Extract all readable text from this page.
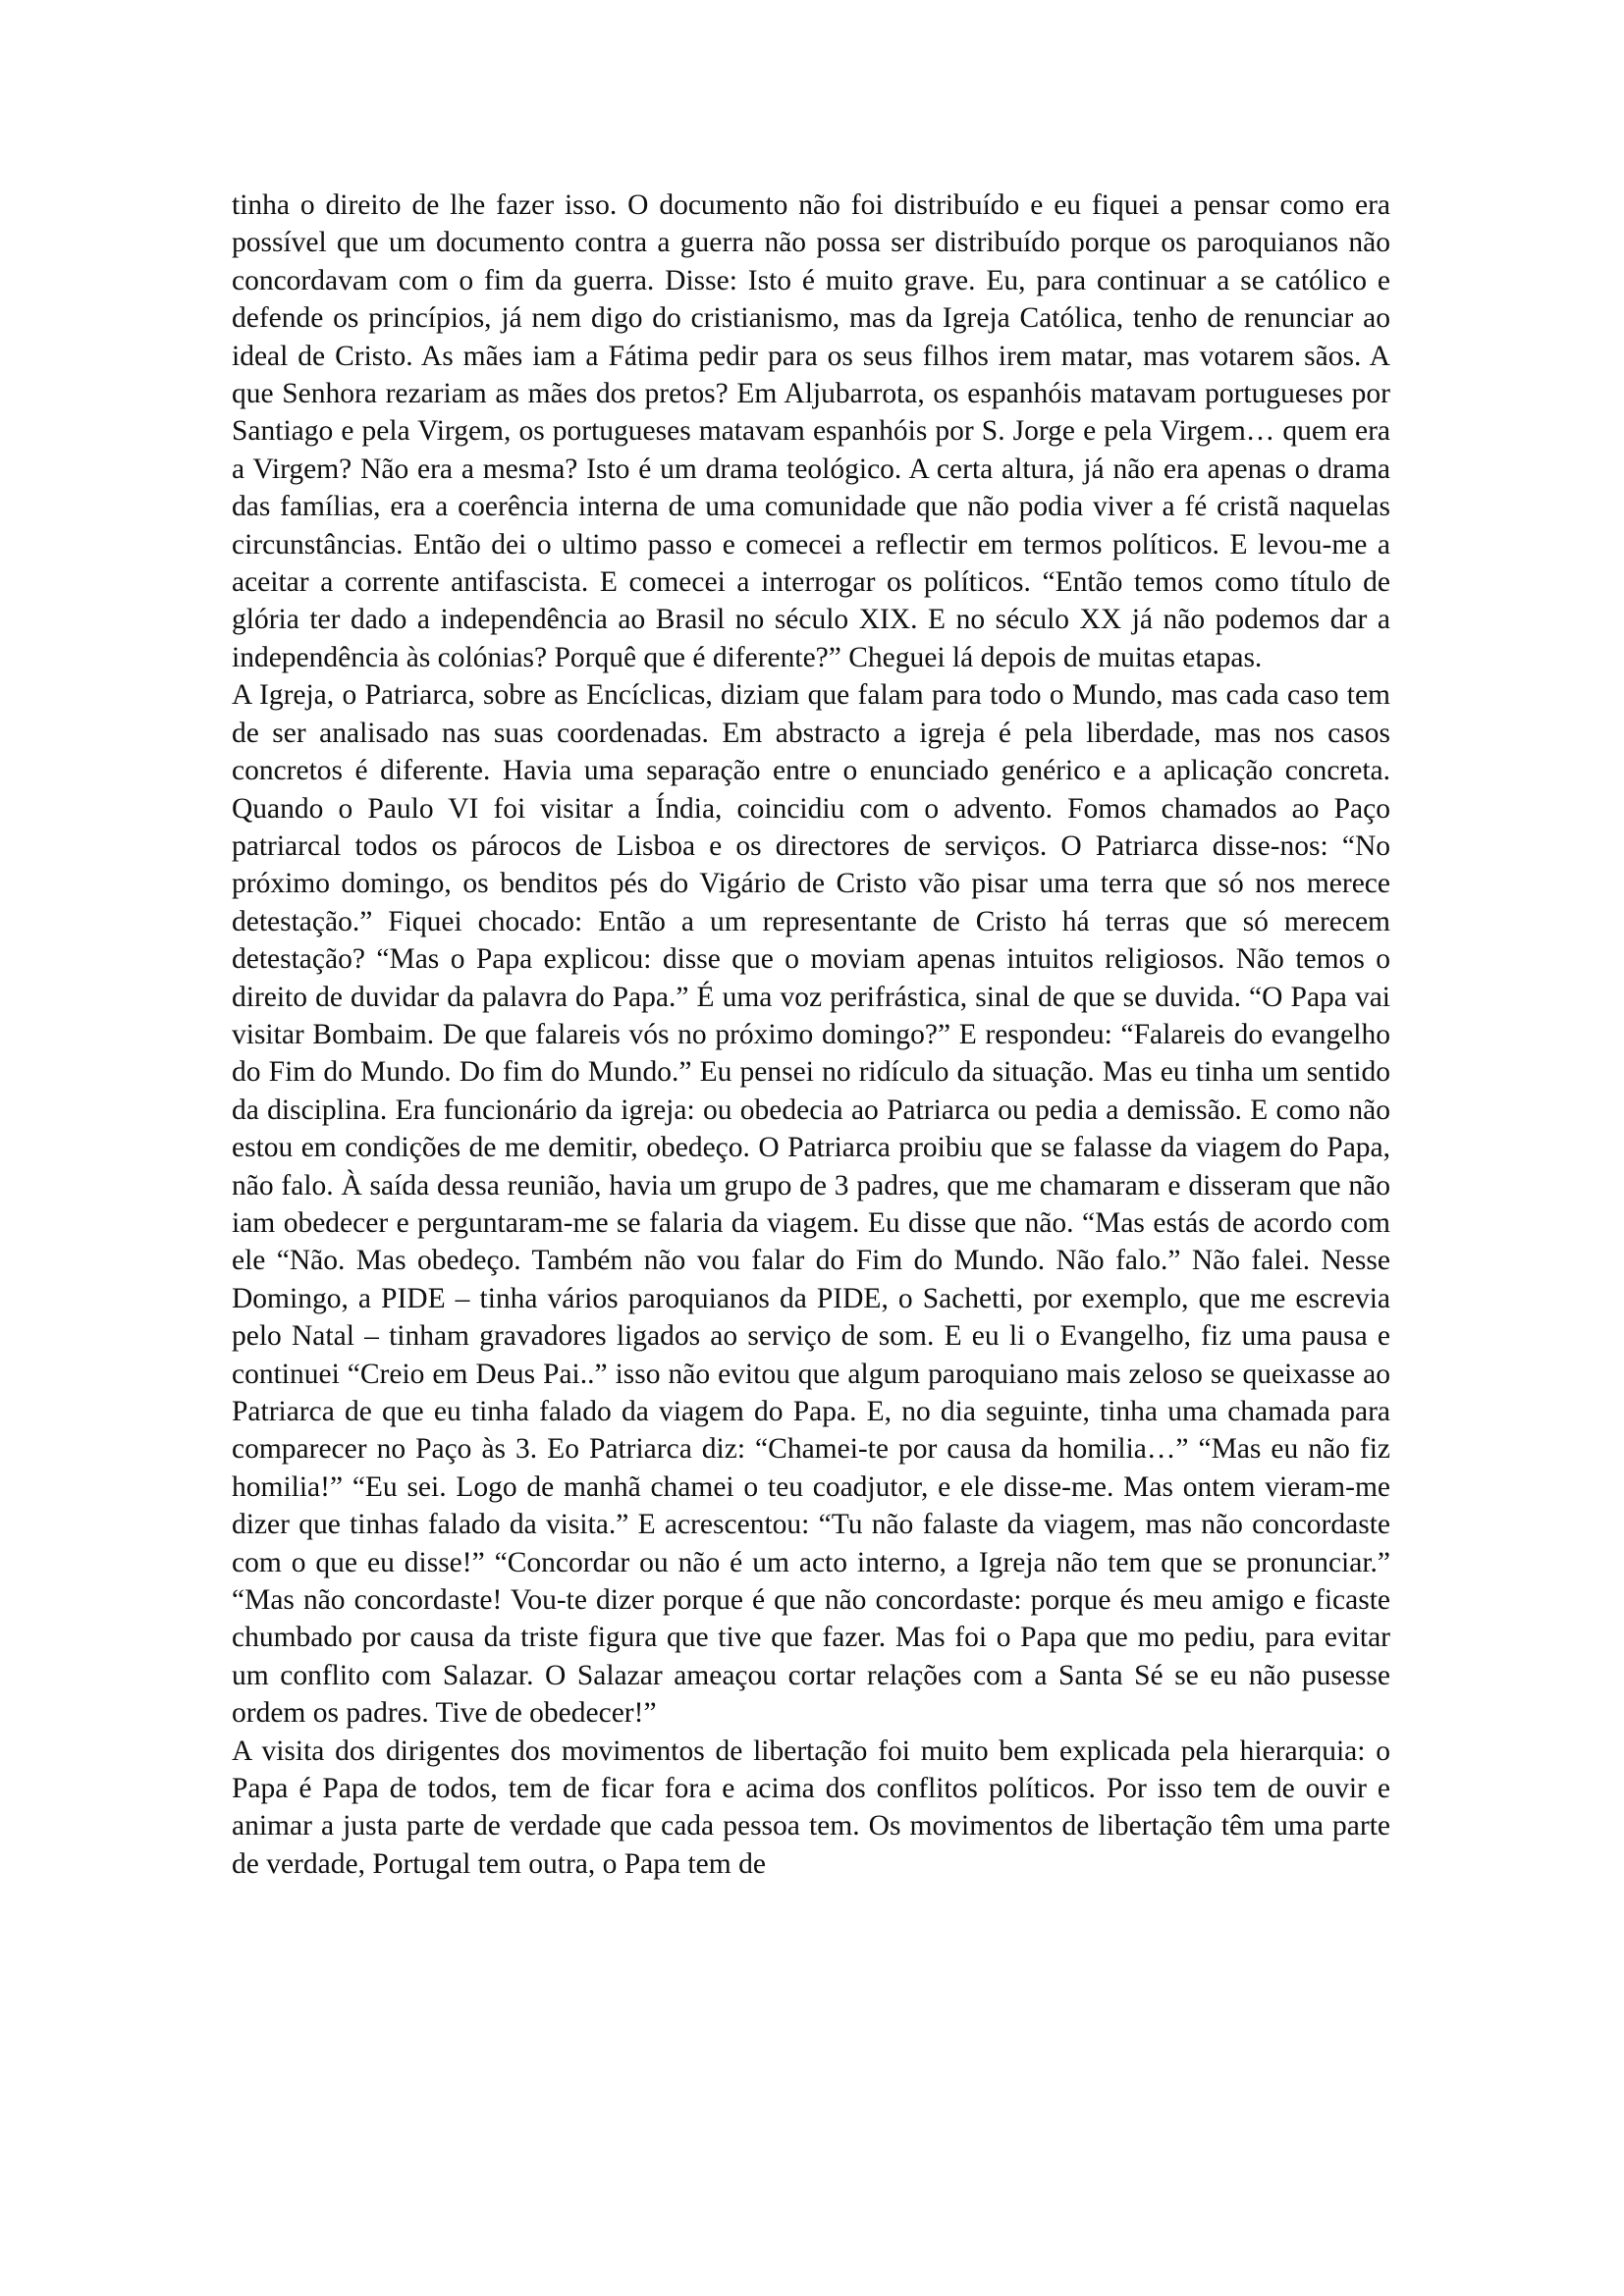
tinha o direito de lhe fazer isso. O documento não foi distribuído e eu fiquei a pensar como era possível que um documento contra a guerra não possa ser distribuído porque os paroquianos não concordavam com o fim da guerra. Disse: Isto é muito grave. Eu, para continuar a se católico e defende os princípios, já nem digo do cristianismo, mas da Igreja Católica, tenho de renunciar ao ideal de Cristo. As mães iam a Fátima pedir para os seus filhos irem matar, mas votarem sãos. A que Senhora rezariam as mães dos pretos? Em Aljubarrota, os espanhóis matavam portugueses por Santiago e pela Virgem, os portugueses matavam espanhóis por S. Jorge e pela Virgem… quem era a Virgem? Não era a mesma? Isto é um drama teológico. A certa altura, já não era apenas o drama das famílias, era a coerência interna de uma comunidade que não podia viver a fé cristã naquelas circunstâncias. Então dei o ultimo passo e comecei a reflectir em termos políticos. E levou-me a aceitar a corrente antifascista. E comecei a interrogar os políticos. “Então temos como título de glória ter dado a independência ao Brasil no século XIX. E no século XX já não podemos dar a independência às colónias? Porquê que é diferente?” Cheguei lá depois de muitas etapas.

A Igreja, o Patriarca, sobre as Encíclicas, diziam que falam para todo o Mundo, mas cada caso tem de ser analisado nas suas coordenadas. Em abstracto a igreja é pela liberdade, mas nos casos concretos é diferente. Havia uma separação entre o enunciado genérico e a aplicação concreta. Quando o Paulo VI foi visitar a Índia, coincidiu com o advento. Fomos chamados ao Paço patriarcal todos os párocos de Lisboa e os directores de serviços. O Patriarca disse-nos: “No próximo domingo, os benditos pés do Vigário de Cristo vão pisar uma terra que só nos merece detestação.” Fiquei chocado: Então a um representante de Cristo há terras que só merecem detestação? “Mas o Papa explicou: disse que o moviam apenas intuitos religiosos. Não temos o direito de duvidar da palavra do Papa.” É uma voz perifrástica, sinal de que se duvida. “O Papa vai visitar Bombaim. De que falareis vós no próximo domingo?” E respondeu: “Falareis do evangelho do Fim do Mundo. Do fim do Mundo.” Eu pensei no ridículo da situação. Mas eu tinha um sentido da disciplina. Era funcionário da igreja: ou obedecia ao Patriarca ou pedia a demissão. E como não estou em condições de me demitir, obedeço. O Patriarca proibiu que se falasse da viagem do Papa, não falo. À saída dessa reunião, havia um grupo de 3 padres, que me chamaram e disseram que não iam obedecer e perguntaram-me se falaria da viagem. Eu disse que não. “Mas estás de acordo com ele “Não. Mas obedeço. Também não vou falar do Fim do Mundo. Não falo.” Não falei. Nesse Domingo, a PIDE – tinha vários paroquianos da PIDE, o Sachetti, por exemplo, que me escrevia pelo Natal – tinham gravadores ligados ao serviço de som. E eu li o Evangelho, fiz uma pausa e continuei “Creio em Deus Pai..” isso não evitou que algum paroquiano mais zeloso se queixasse ao Patriarca de que eu tinha falado da viagem do Papa. E, no dia seguinte, tinha uma chamada para comparecer no Paço às 3. Eo Patriarca diz: “Chamei-te por causa da homilia…” “Mas eu não fiz homilia!” “Eu sei. Logo de manhã chamei o teu coadjutor, e ele disse-me. Mas ontem vieram-me dizer que tinhas falado da visita.” E acrescentou: “Tu não falaste da viagem, mas não concordaste com o que eu disse!” “Concordar ou não é um acto interno, a Igreja não tem que se pronunciar.” “Mas não concordaste! Vou-te dizer porque é que não concordaste: porque és meu amigo e ficaste chumbado por causa da triste figura que tive que fazer. Mas foi o Papa que mo pediu, para evitar um conflito com Salazar. O Salazar ameaçou cortar relações com a Santa Sé se eu não pusesse ordem os padres. Tive de obedecer!”

A visita dos dirigentes dos movimentos de libertação foi muito bem explicada pela hierarquia: o Papa é Papa de todos, tem de ficar fora e acima dos conflitos políticos. Por isso tem de ouvir e animar a justa parte de verdade que cada pessoa tem. Os movimentos de libertação têm uma parte de verdade, Portugal tem outra, o Papa tem de
